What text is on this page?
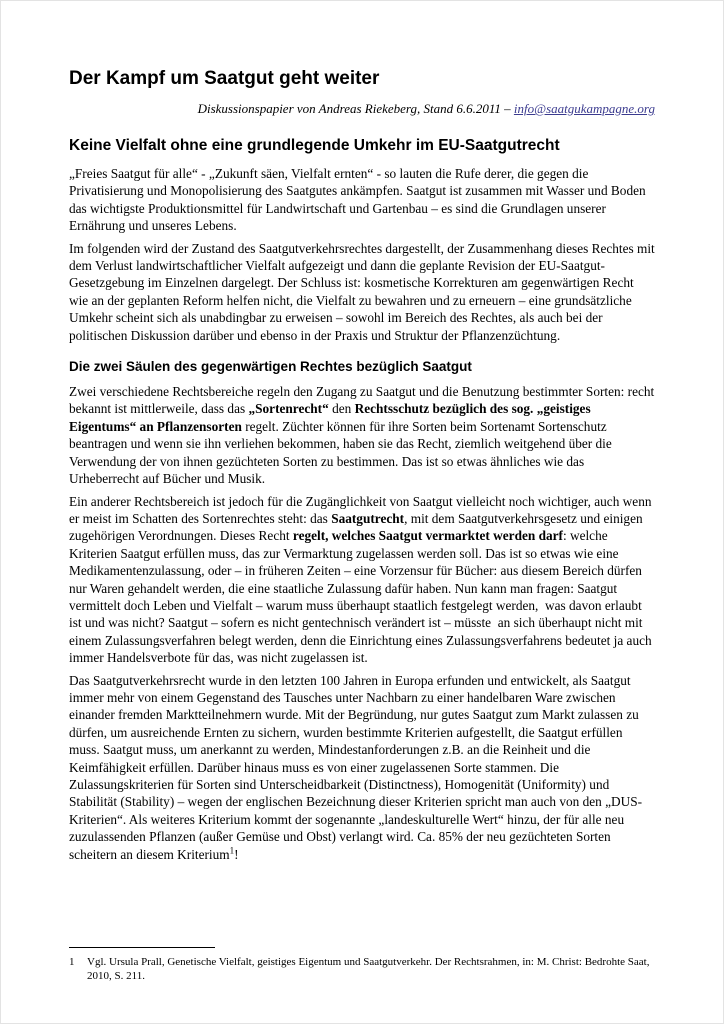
Der Kampf um Saatgut geht weiter

Diskussionspapier von Andreas Riekeberg, Stand 6.6.2011 – info@saatgukampagne.org

Keine Vielfalt ohne eine grundlegende Umkehr im EU-Saatgutrecht

„Freies Saatgut für alle“ - „Zukunft säen, Vielfalt ernten“ - so lauten die Rufe derer, die gegen die Privatisierung und Monopolisierung des Saatgutes ankämpfen. Saatgut ist zusammen mit Wasser und Boden das wichtigste Produktionsmittel für Landwirtschaft und Gartenbau – es sind die Grundlagen unserer Ernährung und unseres Lebens.

Im folgenden wird der Zustand des Saatgutverkehrsrechtes dargestellt, der Zusammenhang dieses Rechtes mit dem Verlust landwirtschaftlicher Vielfalt aufgezeigt und dann die geplante Revision der EU-Saatgut-Gesetzgebung im Einzelnen dargelegt. Der Schluss ist: kosmetische Korrekturen am gegenwärtigen Recht wie an der geplanten Reform helfen nicht, die Vielfalt zu bewahren und zu erneuern – eine grundsätzliche Umkehr scheint sich als unabdingbar zu erweisen – sowohl im Bereich des Rechtes, als auch bei der politischen Diskussion darüber und ebenso in der Praxis und Struktur der Pflanzenzüchtung.

Die zwei Säulen des gegenwärtigen Rechtes bezüglich Saatgut

Zwei verschiedene Rechtsbereiche regeln den Zugang zu Saatgut und die Benutzung bestimmter Sorten: recht bekannt ist mittlerweile, dass das „Sortenrecht“ den Rechtsschutz bezüglich des sog. „geistiges Eigentums“ an Pflanzensorten regelt. Züchter können für ihre Sorten beim Sortenamt Sortenschutz beantragen und wenn sie ihn verliehen bekommen, haben sie das Recht, ziemlich weitgehend über die Verwendung der von ihnen gezüchteten Sorten zu bestimmen. Das ist so etwas ähnliches wie das Urheberrecht auf Bücher und Musik.

Ein anderer Rechtsbereich ist jedoch für die Zugänglichkeit von Saatgut vielleicht noch wichtiger, auch wenn er meist im Schatten des Sortenrechtes steht: das Saatgutrecht, mit dem Saatgutverkehrsgesetz und einigen zugehörigen Verordnungen. Dieses Recht regelt, welches Saatgut vermarktet werden darf: welche Kriterien Saatgut erfüllen muss, das zur Vermarktung zugelassen werden soll. Das ist so etwas wie eine Medikamentenzulassung, oder – in früheren Zeiten – eine Vorzensur für Bücher: aus diesem Bereich dürfen nur Waren gehandelt werden, die eine staatliche Zulassung dafür haben. Nun kann man fragen: Saatgut vermittelt doch Leben und Vielfalt – warum muss überhaupt staatlich festgelegt werden,  was davon erlaubt ist und was nicht? Saatgut – sofern es nicht gentechnisch verändert ist – müsste  an sich überhaupt nicht mit einem Zulassungsverfahren belegt werden, denn die Einrichtung eines Zulassungsverfahrens bedeutet ja auch immer Handelsverbote für das, was nicht zugelassen ist.

Das Saatgutverkehrsrecht wurde in den letzten 100 Jahren in Europa erfunden und entwickelt, als Saatgut immer mehr von einem Gegenstand des Tausches unter Nachbarn zu einer handelbaren Ware zwischen einander fremden Marktteilnehmern wurde. Mit der Begründung, nur gutes Saatgut zum Markt zulassen zu dürfen, um ausreichende Ernten zu sichern, wurden bestimmte Kriterien aufgestellt, die Saatgut erfüllen muss. Saatgut muss, um anerkannt zu werden, Mindestanforderungen z.B. an die Reinheit und die Keimfähigkeit erfüllen. Darüber hinaus muss es von einer zugelassenen Sorte stammen. Die Zulassungskriterien für Sorten sind Unterscheidbarkeit (Distinctness), Homogenität (Uniformity) und Stabilität (Stability) – wegen der englischen Bezeichnung dieser Kriterien spricht man auch von den „DUS-Kriterien“. Als weiteres Kriterium kommt der sogenannte „landeskulturelle Wert“ hinzu, der für alle neu zuzulassenden Pflanzen (außer Gemüse und Obst) verlangt wird. Ca. 85% der neu gezüchteten Sorten scheitern an diesem Kriterium$^1$!

1	Vgl. Ursula Prall, Genetische Vielfalt, geistiges Eigentum und Saatgutverkehr. Der Rechtsrahmen, in: M. Christ: Bedrohte Saat, 2010, S. 211.
